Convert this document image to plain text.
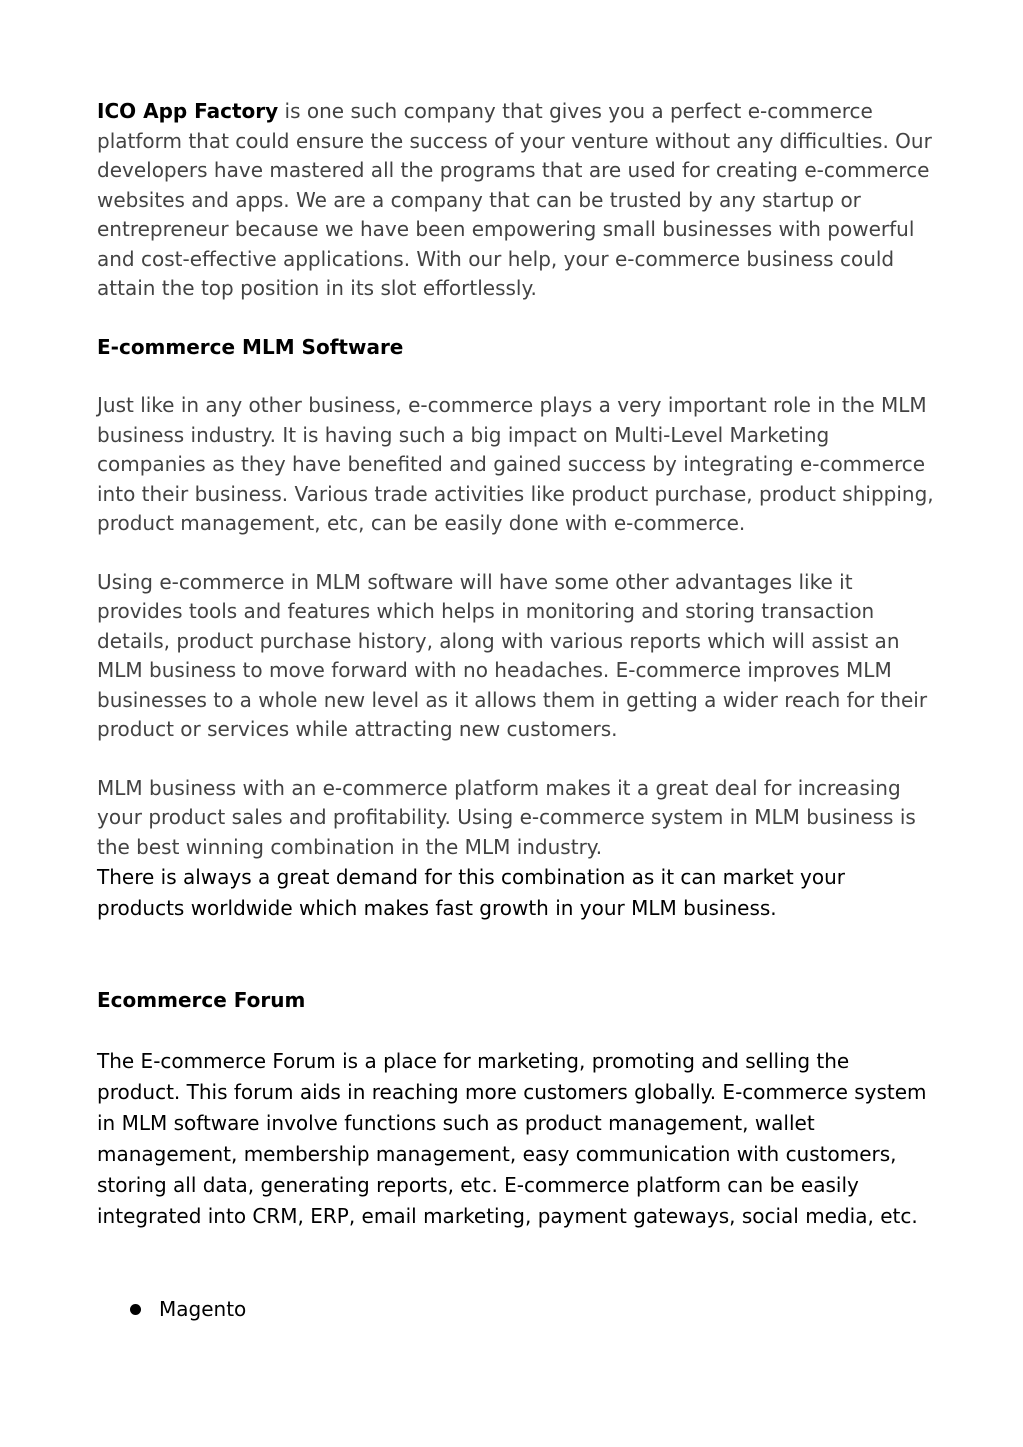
ICO App Factory is one such company that gives you a perfect e-commerce platform that could ensure the success of your venture without any difficulties. Our developers have mastered all the programs that are used for creating e-commerce websites and apps. We are a company that can be trusted by any startup or entrepreneur because we have been empowering small businesses with powerful and cost-effective applications. With our help, your e-commerce business could attain the top position in its slot effortlessly.

E-commerce MLM Software

Just like in any other business, e-commerce plays a very important role in the MLM business industry. It is having such a big impact on Multi-Level Marketing companies as they have benefited and gained success by integrating e-commerce into their business. Various trade activities like product purchase, product shipping, product management, etc, can be easily done with e-commerce.

Using e-commerce in MLM software will have some other advantages like it provides tools and features which helps in monitoring and storing transaction details, product purchase history, along with various reports which will assist an MLM business to move forward with no headaches. E-commerce improves MLM businesses to a whole new level as it allows them in getting a wider reach for their product or services while attracting new customers.

MLM business with an e-commerce platform makes it a great deal for increasing your product sales and profitability. Using e-commerce system in MLM business is the best winning combination in the MLM industry.

There is always a great demand for this combination as it can market your products worldwide which makes fast growth in your MLM business.

Ecommerce Forum

The E-commerce Forum is a place for marketing, promoting and selling the product. This forum aids in reaching more customers globally. E-commerce system in MLM software involve functions such as product management, wallet management, membership management, easy communication with customers, storing all data, generating reports, etc. E-commerce platform can be easily integrated into CRM, ERP, email marketing, payment gateways, social media, etc.

Magento
